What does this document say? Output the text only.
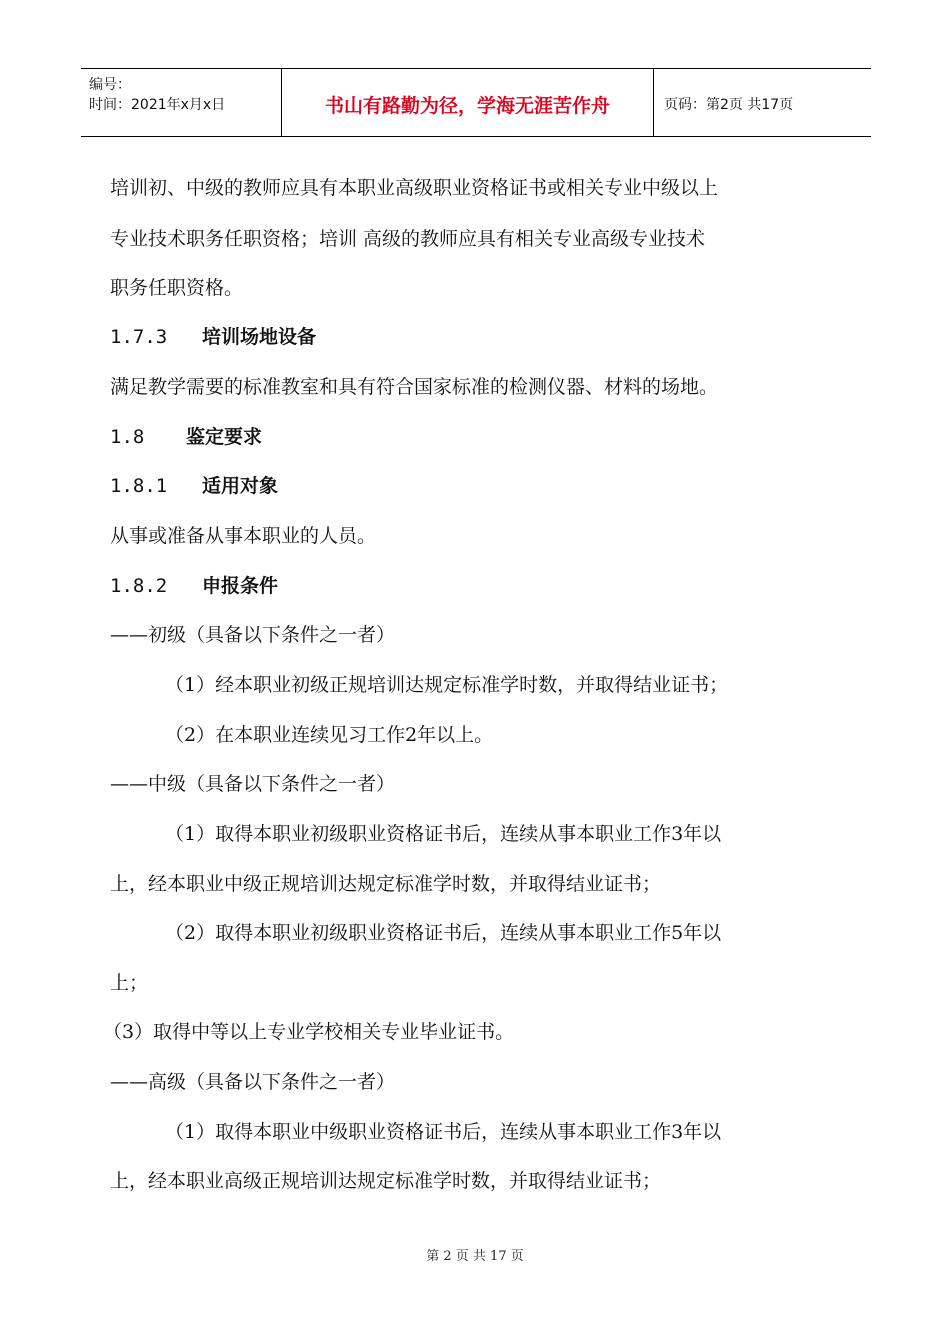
编号：
时间：2021年x月x日	书山有路勤为径，学海无涯苦作舟	页码：第2页 共17页
培训初、中级的教师应具有本职业高级职业资格证书或相关专业中级以上
专业技术职务任职资格；培训 高级的教师应具有相关专业高级专业技术
职务任职资格。
1.7.3 培训场地设备
满足教学需要的标准教室和具有符合国家标准的检测仪器、材料的场地。
1.8 鉴定要求
1.8.1 适用对象
从事或准备从事本职业的人员。
1.8.2 申报条件
——初级（具备以下条件之一者）
（1）经本职业初级正规培训达规定标准学时数，并取得结业证书；
（2）在本职业连续见习工作2年以上。
——中级（具备以下条件之一者）
（1）取得本职业初级职业资格证书后，连续从事本职业工作3年以
上，经本职业中级正规培训达规定标准学时数，并取得结业证书；
（2）取得本职业初级职业资格证书后，连续从事本职业工作5年以
上；
（3）取得中等以上专业学校相关专业毕业证书。
——高级（具备以下条件之一者）
（1）取得本职业中级职业资格证书后，连续从事本职业工作3年以
上，经本职业高级正规培训达规定标准学时数，并取得结业证书；
第 2 页 共 17 页
